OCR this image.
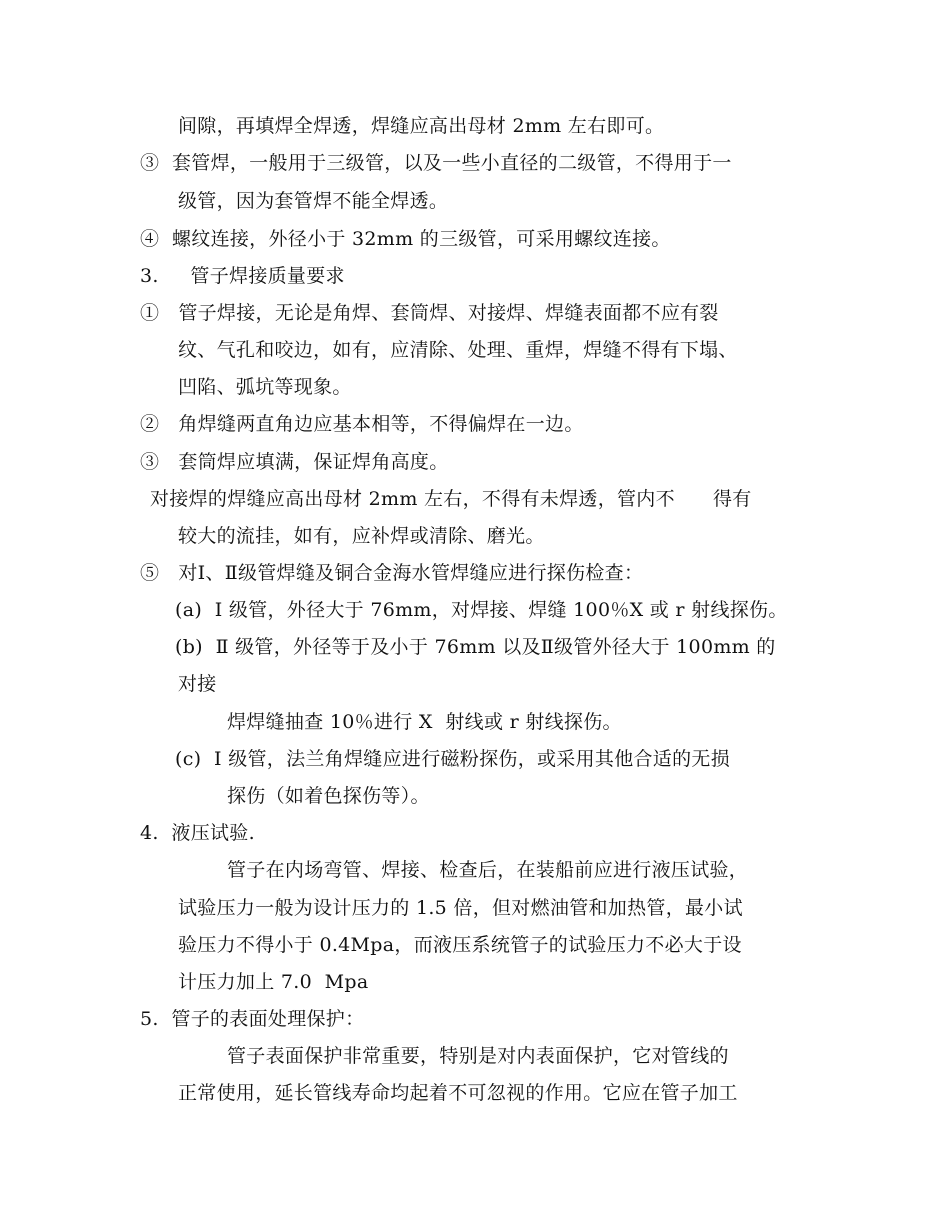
间隙，再填焊全焊透，焊缝应高出母材 2mm 左右即可。
③  套管焊，一般用于三级管，以及一些小直径的二级管，不得用于一
级管，因为套管焊不能全焊透。
④  螺纹连接，外径小于 32mm 的三级管，可采用螺纹连接。
3.     管子焊接质量要求
①   管子焊接，无论是角焊、套筒焊、对接焊、焊缝表面都不应有裂
纹、气孔和咬边，如有，应清除、处理、重焊，焊缝不得有下塌、
凹陷、弧坑等现象。
②   角焊缝两直角边应基本相等，不得偏焊在一边。
③   套筒焊应填满，保证焊角高度。
对接焊的焊缝应高出母材 2mm 左右，不得有未焊透，管内不      得有
较大的流挂，如有，应补焊或清除、磨光。
⑤   对Ⅰ、Ⅱ级管焊缝及铜合金海水管焊缝应进行探伤检查：
(a)  Ⅰ 级管，外径大于 76mm，对焊接、焊缝 100％X 或 r 射线探伤。
(b)  Ⅱ 级管，外径等于及小于 76mm 以及Ⅱ级管外径大于 100mm 的
对接
焊焊缝抽查 10％进行 X  射线或 r 射线探伤。
(c)  Ⅰ 级管，法兰角焊缝应进行磁粉探伤，或采用其他合适的无损
探伤（如着色探伤等）。
4.  液压试验.
管子在内场弯管、焊接、检查后，在装船前应进行液压试验，
试验压力一般为设计压力的 1.5 倍，但对燃油管和加热管，最小试
验压力不得小于 0.4Mpa，而液压系统管子的试验压力不必大于设
计压力加上 7.0  Mpa
5.  管子的表面处理保护：
管子表面保护非常重要，特别是对内表面保护，它对管线的
正常使用，延长管线寿命均起着不可忽视的作用。它应在管子加工
